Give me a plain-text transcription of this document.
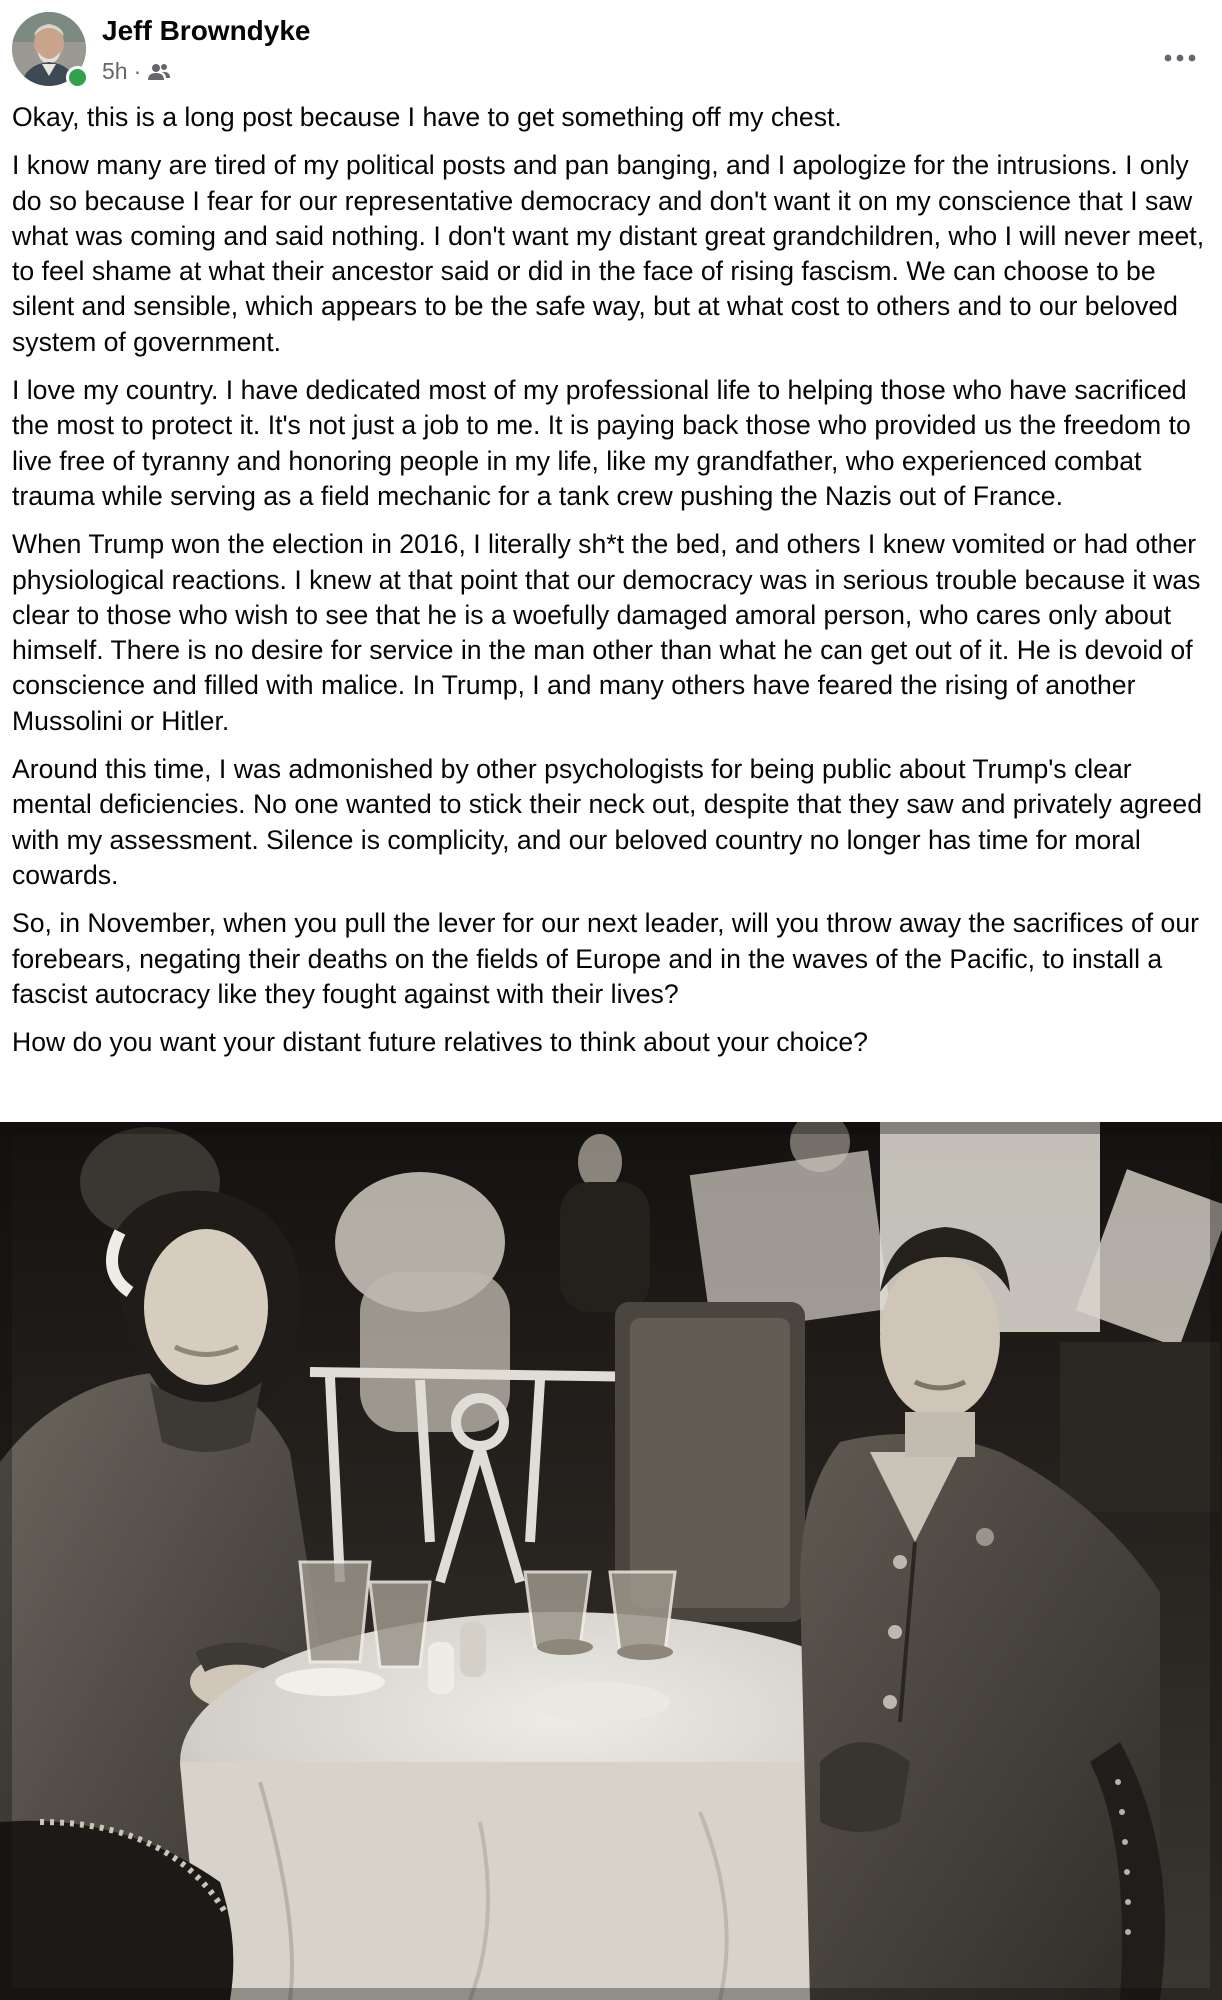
Jeff Browndyke
5h ·

Okay, this is a long post because I have to get something off my chest.

I know many are tired of my political posts and pan banging, and I apologize for the intrusions. I only do so because I fear for our representative democracy and don't want it on my conscience that I saw what was coming and said nothing. I don't want my distant great grandchildren, who I will never meet, to feel shame at what their ancestor said or did in the face of rising fascism. We can choose to be silent and sensible, which appears to be the safe way, but at what cost to others and to our beloved system of government.

I love my country. I have dedicated most of my professional life to helping those who have sacrificed the most to protect it. It's not just a job to me. It is paying back those who provided us the freedom to live free of tyranny and honoring people in my life, like my grandfather, who experienced combat trauma while serving as a field mechanic for a tank crew pushing the Nazis out of France.

When Trump won the election in 2016, I literally sh*t the bed, and others I knew vomited or had other physiological reactions. I knew at that point that our democracy was in serious trouble because it was clear to those who wish to see that he is a woefully damaged amoral person, who cares only about himself. There is no desire for service in the man other than what he can get out of it. He is devoid of conscience and filled with malice. In Trump, I and many others have feared the rising of another Mussolini or Hitler.

Around this time, I was admonished by other psychologists for being public about Trump's clear mental deficiencies. No one wanted to stick their neck out, despite that they saw and privately agreed with my assessment. Silence is complicity, and our beloved country no longer has time for moral cowards.

So, in November, when you pull the lever for our next leader, will you throw away the sacrifices of our forebears, negating their deaths on the fields of Europe and in the waves of the Pacific, to install a fascist autocracy like they fought against with their lives?

How do you want your distant future relatives to think about your choice?
